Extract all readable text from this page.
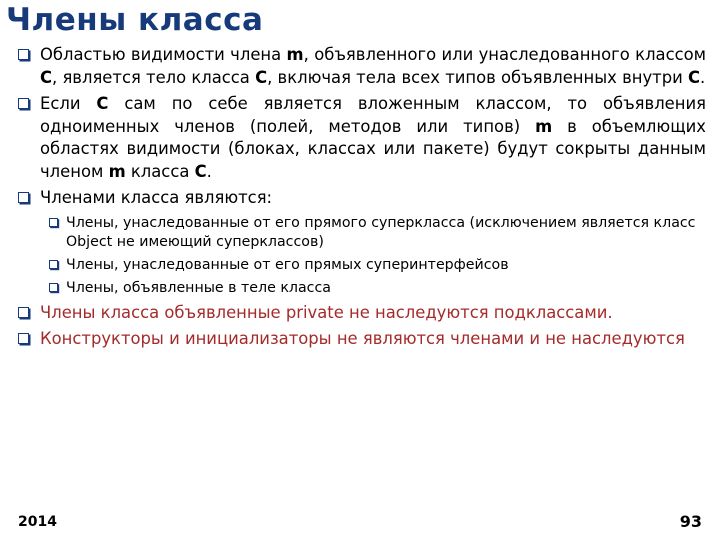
Члены класса
Областью видимости члена m, объявленного или унаследованного классом С, является тело класса С, включая тела всех типов объявленных внутри С.
Если С сам по себе является вложенным классом, то объявления одноименных членов (полей, методов или типов) m в объемлющих областях видимости (блоках, классах или пакете) будут сокрыты данным членом m класса С.
Членами класса являются:
Члены, унаследованные от его прямого суперкласса (исключением является класс Object не имеющий суперклассов)
Члены, унаследованные от его прямых суперинтерфейсов
Члены, объявленные в теле класса
Члены класса объявленные private не наследуются подклассами.
Конструкторы и инициализаторы не являются членами и не наследуются
2014	93
